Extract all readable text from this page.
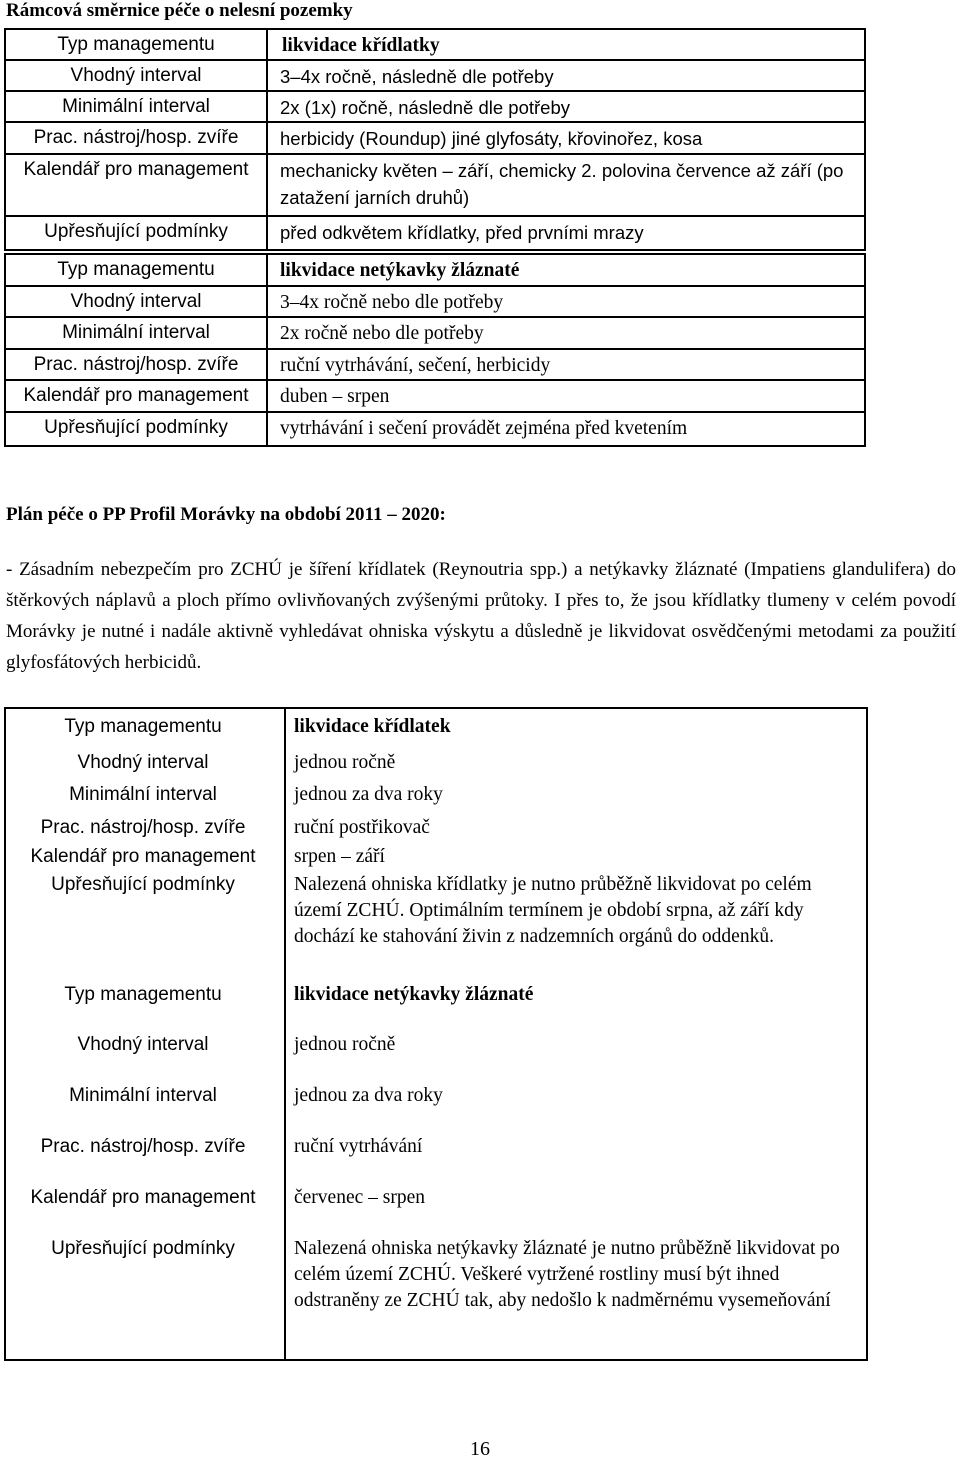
Rámcová směrnice péče o nelesní pozemky
Typ managementu	likvidace křídlatky
Vhodný interval	3–4x ročně, následně dle potřeby
Minimální interval	2x (1x) ročně, následně dle potřeby
Prac. nástroj/hosp. zvíře	herbicidy (Roundup) jiné glyfosáty, křovinořez, kosa
Kalendář pro management	mechanicky květen – září, chemicky 2. polovina července až září (po zatažení jarních druhů)
Upřesňující podmínky	před odkvětem křídlatky, před prvními mrazy
Typ managementu	likvidace netýkavky žláznaté
Vhodný interval	3–4x ročně nebo dle potřeby
Minimální interval	2x ročně nebo dle potřeby
Prac. nástroj/hosp. zvíře	ruční vytrhávání, sečení, herbicidy
Kalendář pro management	duben – srpen
Upřesňující podmínky	vytrhávání i sečení provádět zejména před kvetením
Plán péče o PP Profil Morávky na období 2011 – 2020:
- Zásadním nebezpečím pro ZCHÚ je šíření křídlatek (Reynoutria spp.) a netýkavky žláznaté (Impatiens glandulifera) do štěrkových náplavů a ploch přímo ovlivňovaných zvýšenými průtoky. I přes to, že jsou křídlatky tlumeny v celém povodí Morávky je nutné i nadále aktivně vyhledávat ohniska výskytu a důsledně je likvidovat osvědčenými metodami za použití glyfosfátových herbicidů.
Typ managementu	likvidace křídlatek
Vhodný interval	jednou ročně
Minimální interval	jednou za dva roky
Prac. nástroj/hosp. zvíře	ruční postřikovač
Kalendář pro management	srpen – září
Upřesňující podmínky	Nalezená ohniska křídlatky je nutno průběžně likvidovat po celém území ZCHÚ. Optimálním termínem je období srpna, až září kdy dochází ke stahování živin z nadzemních orgánů do oddenků.
Typ managementu	likvidace netýkavky žláznaté
Vhodný interval	jednou ročně
Minimální interval	jednou za dva roky
Prac. nástroj/hosp. zvíře	ruční vytrhávání
Kalendář pro management	červenec – srpen
Upřesňující podmínky	Nalezená ohniska netýkavky žláznaté je nutno průběžně likvidovat po celém území ZCHÚ. Veškeré vytržené rostliny musí být ihned odstraněny ze ZCHÚ tak, aby nedošlo k nadměrnému vysemeňování
16
